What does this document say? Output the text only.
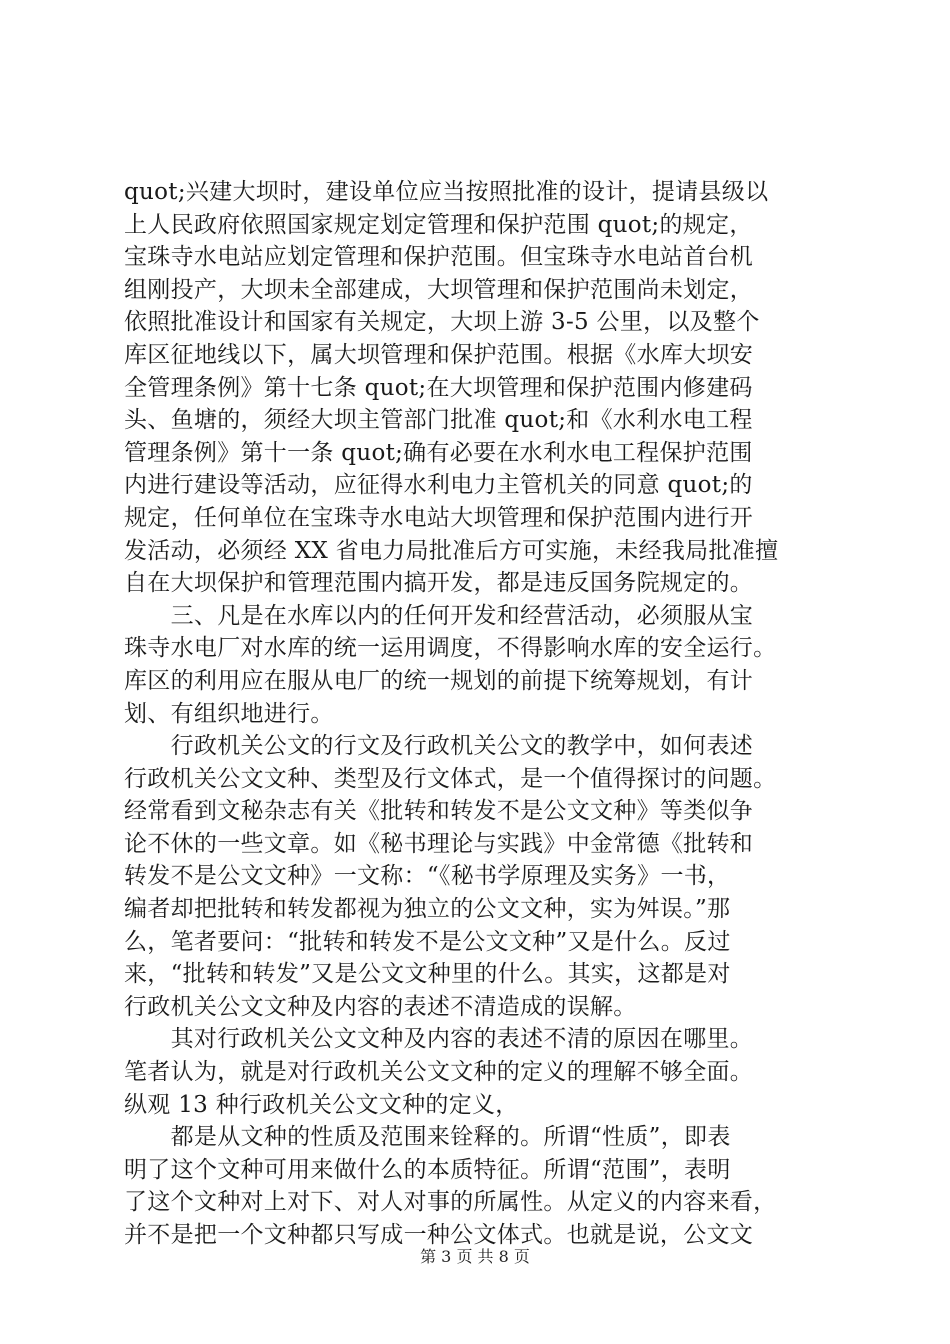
quot;兴建大坝时，建设单位应当按照批准的设计，提请县级以
上人民政府依照国家规定划定管理和保护范围 quot;的规定，
宝珠寺水电站应划定管理和保护范围。但宝珠寺水电站首台机
组刚投产，大坝未全部建成，大坝管理和保护范围尚未划定，
依照批准设计和国家有关规定，大坝上游 3-5 公里，以及整个
库区征地线以下，属大坝管理和保护范围。根据《水库大坝安
全管理条例》第十七条 quot;在大坝管理和保护范围内修建码
头、鱼塘的，须经大坝主管部门批准 quot;和《水利水电工程
管理条例》第十一条 quot;确有必要在水利水电工程保护范围
内进行建设等活动，应征得水利电力主管机关的同意 quot;的
规定，任何单位在宝珠寺水电站大坝管理和保护范围内进行开
发活动，必须经 XX 省电力局批准后方可实施，未经我局批准擅
自在大坝保护和管理范围内搞开发，都是违反国务院规定的。
　　三、凡是在水库以内的任何开发和经营活动，必须服从宝
珠寺水电厂对水库的统一运用调度，不得影响水库的安全运行。
库区的利用应在服从电厂的统一规划的前提下统筹规划，有计
划、有组织地进行。
　　行政机关公文的行文及行政机关公文的教学中，如何表述
行政机关公文文种、类型及行文体式，是一个值得探讨的问题。
经常看到文秘杂志有关《批转和转发不是公文文种》等类似争
论不休的一些文章。如《秘书理论与实践》中金常德《批转和
转发不是公文文种》一文称：“《秘书学原理及实务》一书，
编者却把批转和转发都视为独立的公文文种，实为舛误。”那
么，笔者要问：“批转和转发不是公文文种”又是什么。反过
来，“批转和转发”又是公文文种里的什么。其实，这都是对
行政机关公文文种及内容的表述不清造成的误解。
　　其对行政机关公文文种及内容的表述不清的原因在哪里。
笔者认为，就是对行政机关公文文种的定义的理解不够全面。
纵观 13 种行政机关公文文种的定义，
　　都是从文种的性质及范围来铨释的。所谓“性质”，即表
明了这个文种可用来做什么的本质特征。所谓“范围”，表明
了这个文种对上对下、对人对事的所属性。从定义的内容来看，
并不是把一个文种都只写成一种公文体式。也就是说，公文文
第 3 页 共 8 页
